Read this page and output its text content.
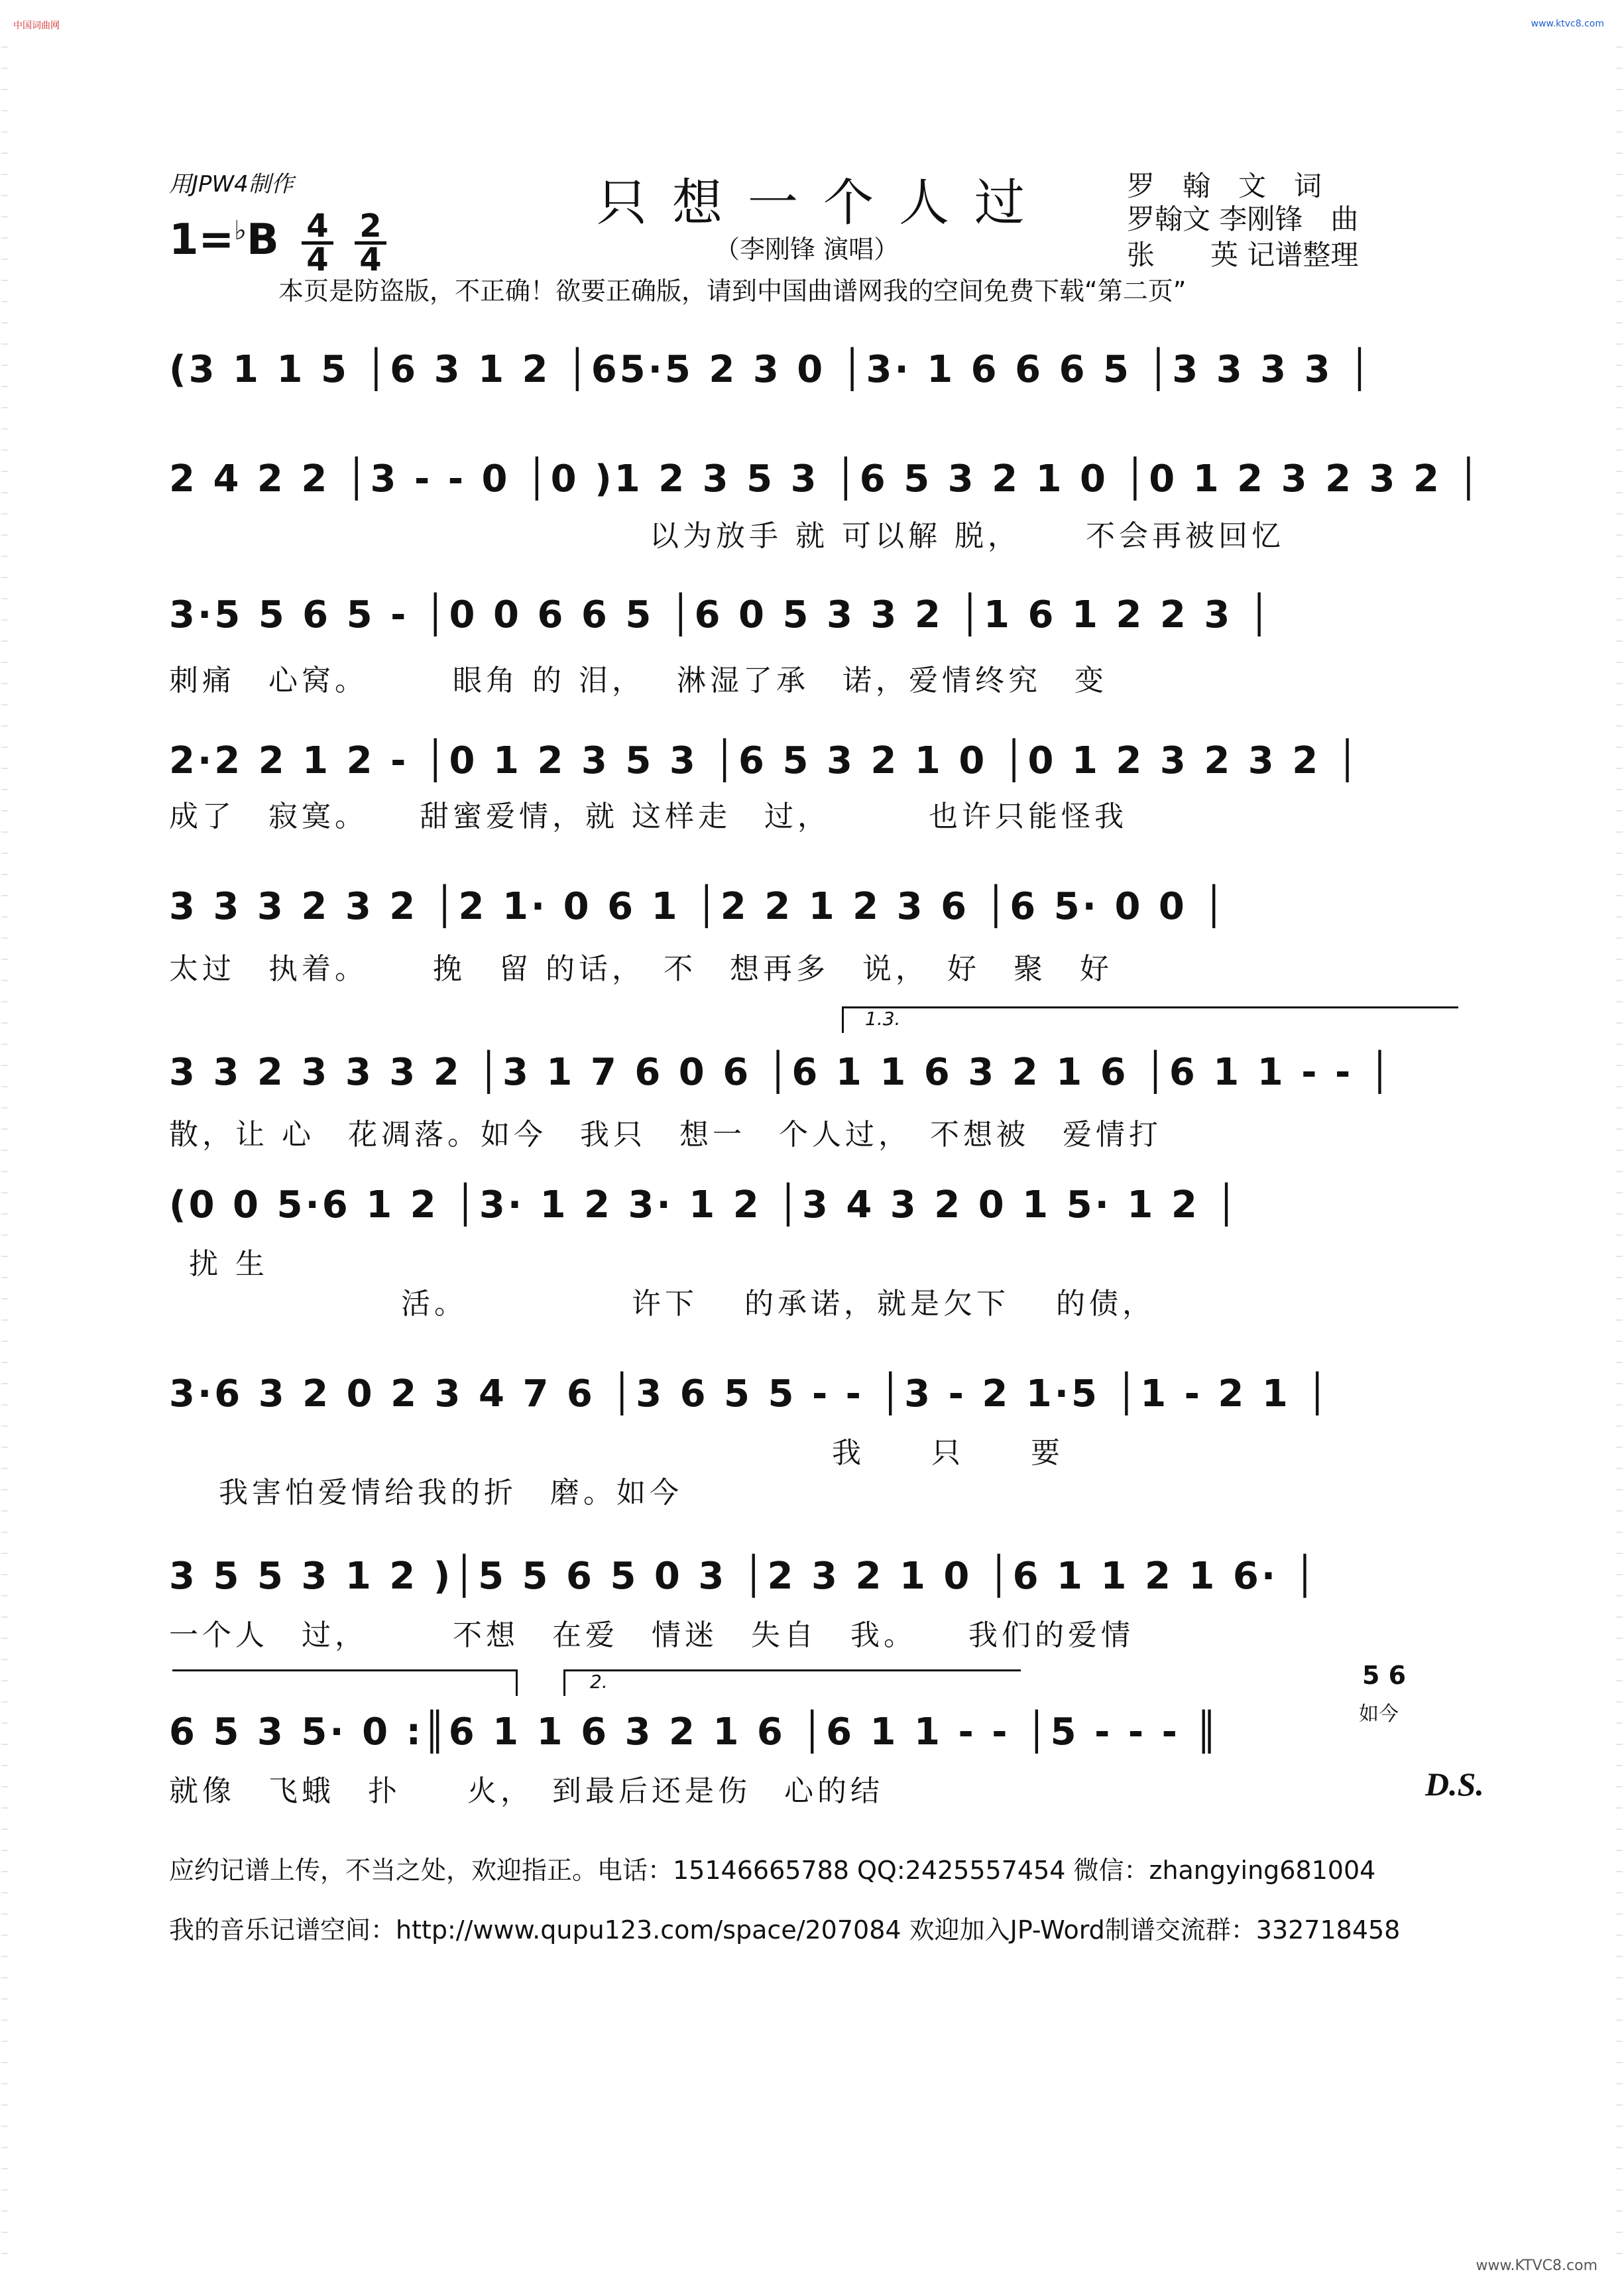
中国词曲网	www.ktvc8.com
www.KTVC8.com
用JPW4制作	只想一个人过
（李刚锋 演唱）
罗　翰　文　词
罗翰文 李刚锋　曲
张　　英 记谱整理
1=♭B 4
4
2
4
本页是防盗版，不正确！欲要正确版，请到中国曲谱网我的空间免费下载“第二页”
(3 1 1 5 │6 3 1 2 │65·5 2 3 0 │3· 1 6 6 6 5 │3 3 3 3 │
2 4 2 2 │3 - - 0 │0 )1 2 3 5 3 │6 5 3 2 1 0 │0 1 2 3 2 3 2 │
以为放手 就 可以解 脱，　　 不会再被回忆
3·5 5 6 5 - │0 0 6 6 5 │6 0 5 3 3 2 │1 6 1 2 2 3 │
刺痛　心窝。　　　眼角 的 泪，　 淋湿了承　诺，爱情终究　变
2·2 2 1 2 - │0 1 2 3 5 3 │6 5 3 2 1 0 │0 1 2 3 2 3 2 │
成了　寂寞。　　甜蜜爱情，就 这样走　过，　　　 也许只能怪我
3 3 3 2 3 2 │2 1· 0 6 1 │2 2 1 2 3 6 │6 5· 0 0 │
太过　执着。　　 挽　留 的话，　不　想再多　说，　好　聚　好
1.3.
3 3 2 3 3 3 2 │3 1 7 6 0 6 │6 1 1 6 3 2 1 6 │6 1 1 - - │
散，让 心　花凋落。如今　我只　想一　个人过，　不想被　爱情打
(0 0 5·6 1 2 │3· 1 2 3· 1 2 │3 4 3 2 0 1 5· 1 2 │
扰 生
　　　　　　　活。　　　　　 许下　 的承诺，就是欠下　 的债，
3·6 3 2 0 2 3 4 7 6 │3 6 5 5 - - │3 - 2 1·5 │1 - 2 1 │
　　　　　　　　　　　　　　　　　　　　我　　只　　要
我害怕爱情给我的折　磨。如今
3 5 5 3 1 2 )│5 5 6 5 0 3 │2 3 2 1 0 │6 1 1 2 1 6· │
一个人　过，　　　不想　在爱　情迷　失自　我。　　我们的爱情
2.	5 6
如今
6 5 3 5· 0 :║6 1 1 6 3 2 1 6 │6 1 1 - - │5 - - - ║
就像　飞蛾　扑　　火，　到最后还是伤　心的结	D.S.
应约记谱上传，不当之处，欢迎指正。电话：15146665788 QQ:2425557454 微信：zhangying681004
我的音乐记谱空间：http://www.qupu123.com/space/207084 欢迎加入JP-Word制谱交流群：332718458
